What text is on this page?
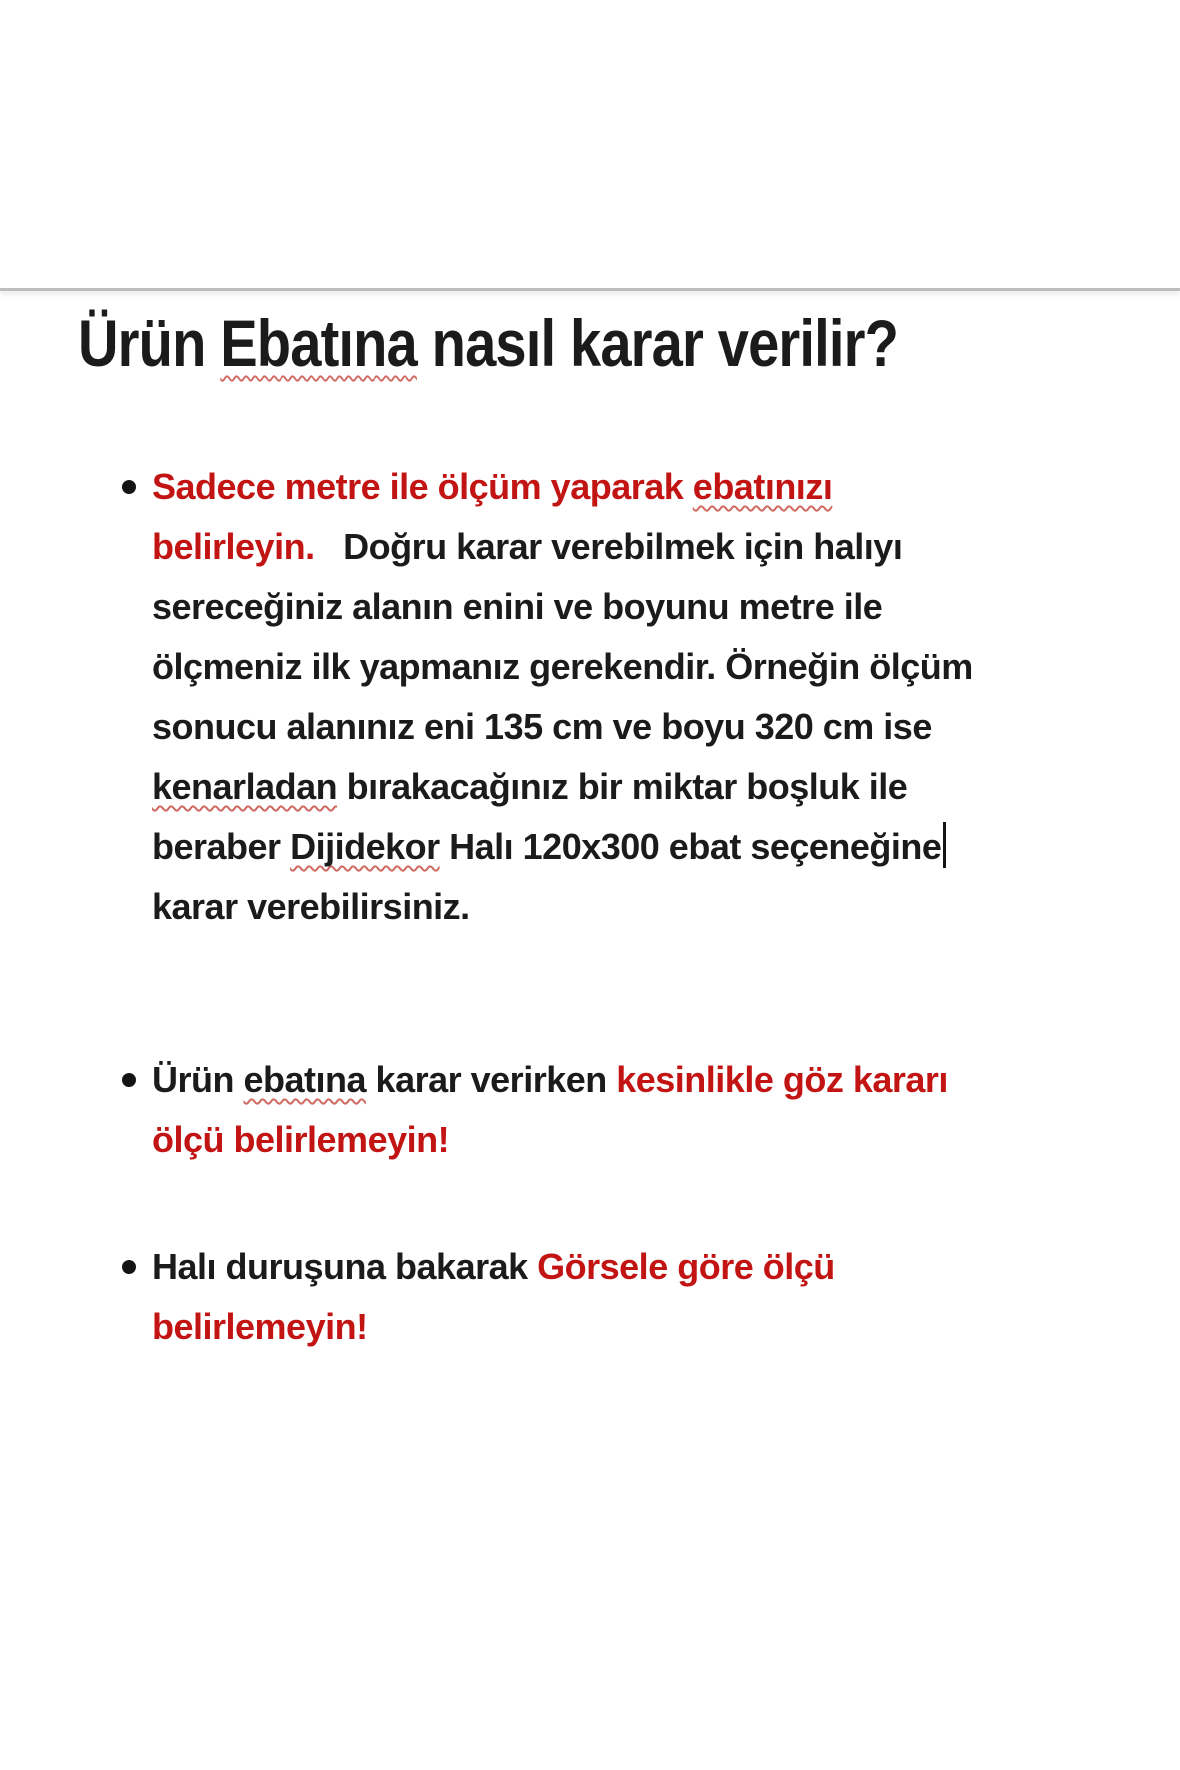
Ürün Ebatına nasıl karar verilir?
Sadece metre ile ölçüm yaparak ebatınızı
belirleyin.   Doğru karar verebilmek için halıyı
sereceğiniz alanın enini ve boyunu metre ile
ölçmeniz ilk yapmanız gerekendir. Örneğin ölçüm
sonucu alanınız eni 135 cm ve boyu 320 cm ise
kenarladan bırakacağınız bir miktar boşluk ile
beraber Dijidekor Halı 120x300 ebat seçeneğine
karar verebilirsiniz.
Ürün ebatına karar verirken kesinlikle göz kararı
ölçü belirlemeyin!
Halı duruşuna bakarak Görsele göre ölçü
belirlemeyin!
